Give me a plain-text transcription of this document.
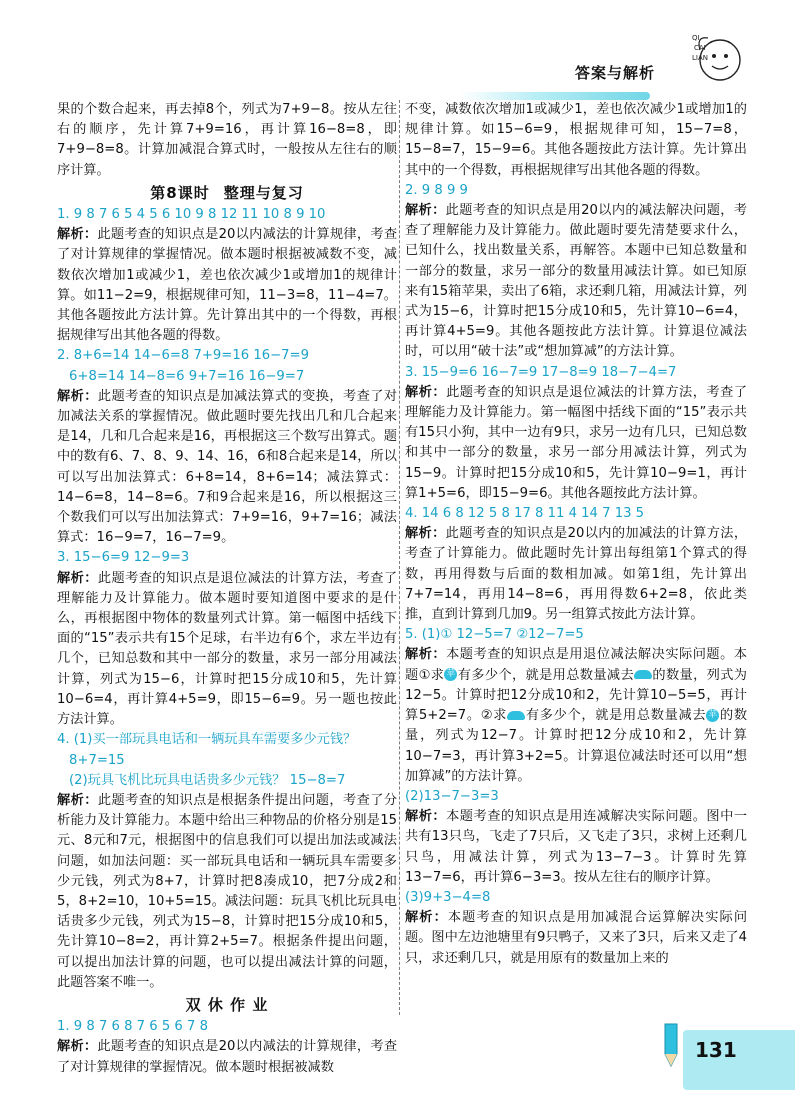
答案与解析
QI
CAI
LIAN

果的个数合起来，再去掉8个，列式为7+9−8。按从左往右的顺序，先计算7+9=16，再计算16−8=8，即7+9−8=8。计算加减混合算式时，一般按从左往右的顺序计算。

第8课时 整理与复习

1. 9 8 7 6 5 4 5 6 10 9 8 12 11 10 8 9 10

解析：此题考查的知识点是20以内减法的计算规律，考查了对计算规律的掌握情况。做本题时根据被减数不变，减数依次增加1或减少1，差也依次减少1或增加1的规律计算。如11−2=9，根据规律可知，11−3=8，11−4=7。其他各题按此方法计算。先计算出其中的一个得数，再根据规律写出其他各题的得数。

2. 8+6=14 14−6=8 7+9=16 16−7=9

6+8=14 14−8=6 9+7=16 16−9=7

解析：此题考查的知识点是加减法算式的变换，考查了对加减法关系的掌握情况。做此题时要先找出几和几合起来是14，几和几合起来是16，再根据这三个数写出算式。题中的数有6、7、8、9、14、16，6和8合起来是14，所以可以写出加法算式：6+8=14，8+6=14；减法算式：14−6=8，14−8=6。7和9合起来是16，所以根据这三个数我们可以写出加法算式：7+9=16，9+7=16；减法算式：16−9=7，16−7=9。

3. 15−6=9 12−9=3

解析：此题考查的知识点是退位减法的计算方法，考查了理解能力及计算能力。做本题时要知道图中要求的是什么，再根据图中物体的数量列式计算。第一幅图中括线下面的“15”表示共有15个足球，右半边有6个，求左半边有几个，已知总数和其中一部分的数量，求另一部分用减法计算，列式为15−6，计算时把15分成10和5，先计算10−6=4，再计算4+5=9，即15−6=9。另一题也按此方法计算。

4. (1)买一部玩具电话和一辆玩具车需要多少元钱？

8+7=15

(2)玩具飞机比玩具电话贵多少元钱？ 15−8=7

解析：此题考查的知识点是根据条件提出问题，考查了分析能力及计算能力。本题中给出三种物品的价格分别是15元、8元和7元，根据图中的信息我们可以提出加法或减法问题，如加法问题：买一部玩具电话和一辆玩具车需要多少元钱，列式为8+7，计算时把8凑成10，把7分成2和5，8+2=10，10+5=15。减法问题：玩具飞机比玩具电话贵多少元钱，列式为15−8，计算时把15分成10和5，先计算10−8=2，再计算2+5=7。根据条件提出问题，可以提出加法计算的问题，也可以提出减法计算的问题，此题答案不唯一。

双 休 作 业

1. 9 8 7 6 8 7 6 5 6 7 8

解析：此题考查的知识点是20以内减法的计算规律，考查了对计算规律的掌握情况。做本题时根据被减数

不变，减数依次增加1或减少1，差也依次减少1或增加1的规律计算。如15−6=9，根据规律可知，15−7=8，15−8=7，15−9=6。其他各题按此方法计算。先计算出其中的一个得数，再根据规律写出其他各题的得数。

2. 9 8 9 9

解析：此题考查的知识点是用20以内的减法解决问题，考查了理解能力及计算能力。做此题时要先清楚要求什么，已知什么，找出数量关系，再解答。本题中已知总数量和一部分的数量，求另一部分的数量用减法计算。如已知原来有15箱苹果，卖出了6箱，求还剩几箱，用减法计算，列式为15−6，计算时把15分成10和5，先计算10−6=4，再计算4+5=9。其他各题按此方法计算。计算退位减法时，可以用“破十法”或“想加算减”的方法计算。

3. 15−9=6 16−7=9 17−8=9 18−7−4=7

解析：此题考查的知识点是退位减法的计算方法，考查了理解能力及计算能力。第一幅图中括线下面的“15”表示共有15只小狗，其中一边有9只，求另一边有几只，已知总数和其中一部分的数量，求另一部分用减法计算，列式为15−9。计算时把15分成10和5，先计算10−9=1，再计算1+5=6，即15−9=6。其他各题按此方法计算。

4. 14 6 8 12 5 8 17 8 11 4 14 7 13 5

解析：此题考查的知识点是20以内的加减法的计算方法，考查了计算能力。做此题时先计算出每组第1个算式的得数，再用得数与后面的数相加减。如第1组，先计算出7+7=14，再用14−8=6，再用得数6+2=8，依此类推，直到计算到几加9。另一组算式按此方法计算。

5. (1)① 12−5=7 ②12−7=5

解析：本题考查的知识点是用退位减法解决实际问题。本题①求 苹 有多少个，就是用总数量减去 的数量，列式为12−5。计算时把12分成10和2，先计算10−5=5，再计算5+2=7。②求 有多少个，就是用总数量减去 苹 的数量，列式为12−7。计算时把12分成10和2，先计算10−7=3，再计算3+2=5。计算退位减法时还可以用“想加算减”的方法计算。

(2)13−7−3=3

解析：本题考查的知识点是用连减解决实际问题。图中一共有13只鸟，飞走了7只后，又飞走了3只，求树上还剩几只鸟，用减法计算，列式为13−7−3。计算时先算13−7=6，再计算6−3=3。按从左往右的顺序计算。

(3)9+3−4=8

解析：本题考查的知识点是用加减混合运算解决实际问题。图中左边池塘里有9只鸭子，又来了3只，后来又走了4只，求还剩几只，就是用原有的数量加上来的

131
